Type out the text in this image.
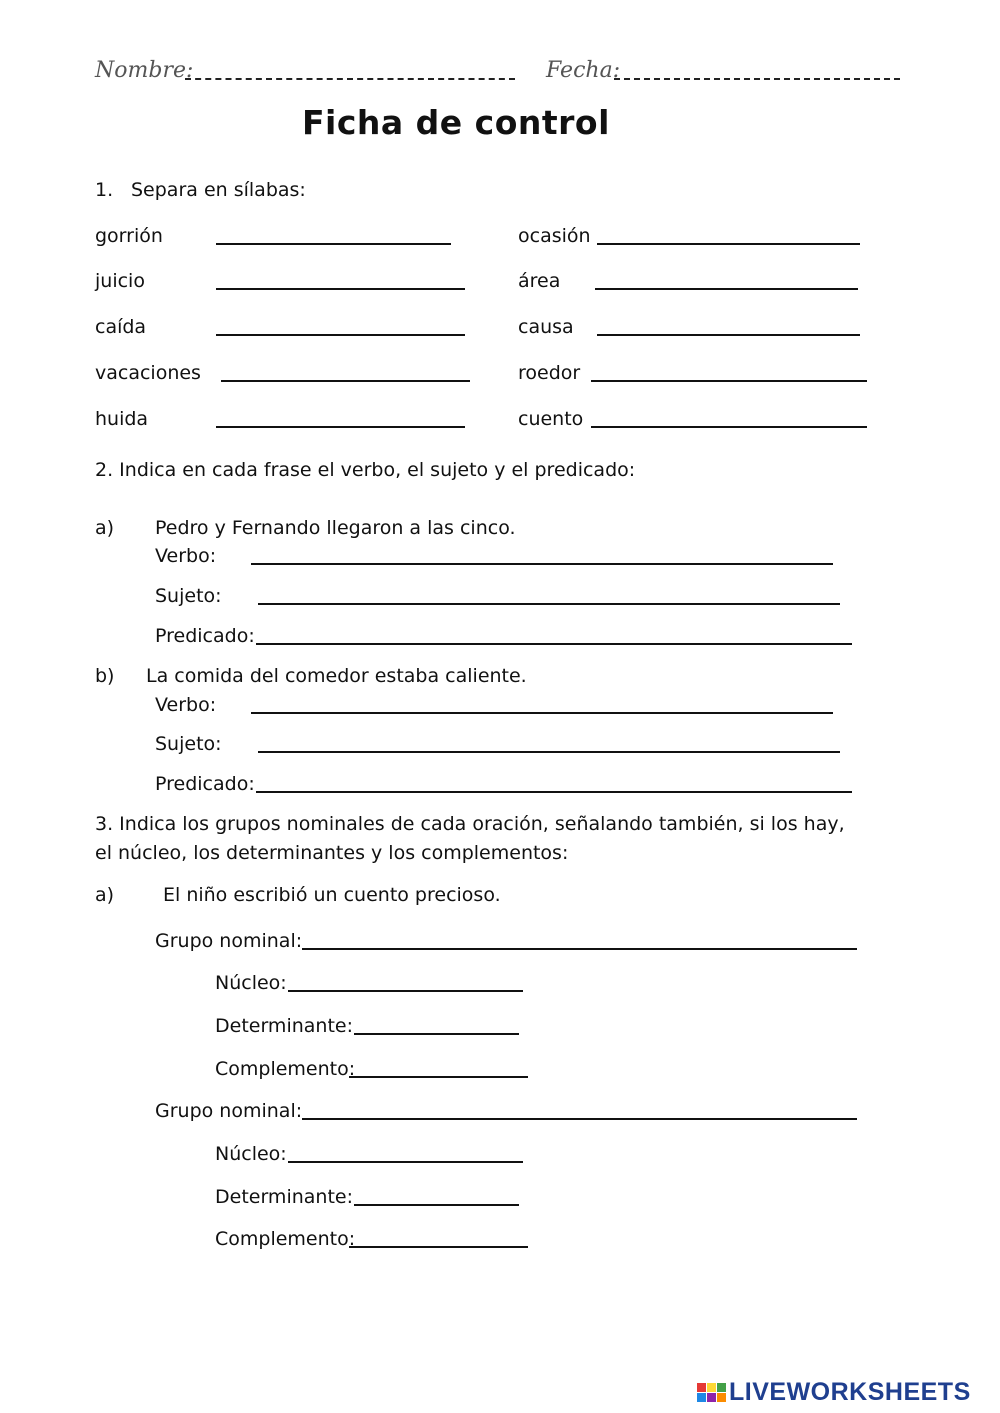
Nombre:	Fecha:
Ficha de control
1. Separa en sílabas:
gorrión	ocasión
juicio	área
caída	causa
vacaciones	roedor
huida	cuento
2. Indica en cada frase el verbo, el sujeto y el predicado:
a) Pedro y Fernando llegaron a las cinco.
Verbo:
Sujeto:
Predicado:
b) La comida del comedor estaba caliente.
Verbo:
Sujeto:
Predicado:
3. Indica los grupos nominales de cada oración, señalando también, si los hay,
el núcleo, los determinantes y los complementos:
a)	El niño escribió un cuento precioso.
Grupo nominal:
Núcleo:
Determinante:
Complemento:
Grupo nominal:
Núcleo:
Determinante:
Complemento:
LIVEWORKSHEETS
